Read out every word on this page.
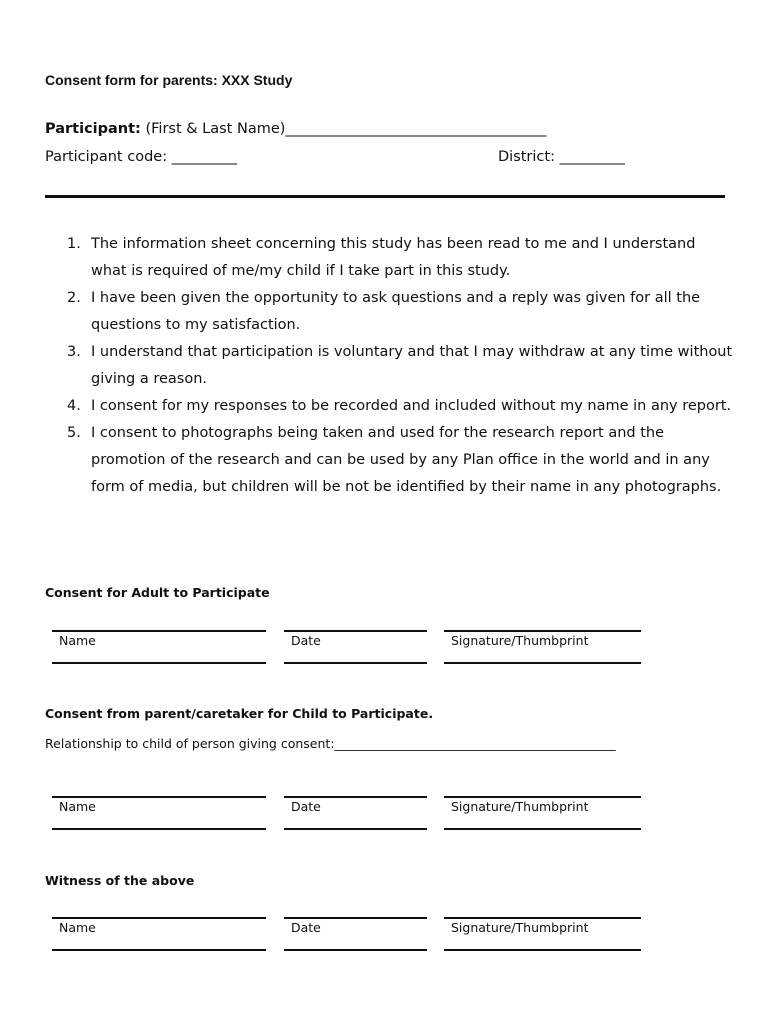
Consent form for parents: XXX Study
Participant: (First & Last Name)____________________________________
Participant code: _________	District: _________
1. The information sheet concerning this study has been read to me and I understand what is required of me/my child if I take part in this study.
2. I have been given the opportunity to ask questions and a reply was given for all the questions to my satisfaction.
3. I understand that participation is voluntary and that I may withdraw at any time without giving a reason.
4. I consent for my responses to be recorded and included without my name in any report.
5. I consent to photographs being taken and used for the research report and the promotion of the research and can be used by any Plan office in the world and in any form of media, but children will be not be identified by their name in any photographs.
Consent for Adult to Participate
Name	Date	Signature/Thumbprint
Consent from parent/caretaker for Child to Participate.
Relationship to child of person giving consent:_____________________________________________
Name	Date	Signature/Thumbprint
Witness of the above
Name	Date	Signature/Thumbprint
